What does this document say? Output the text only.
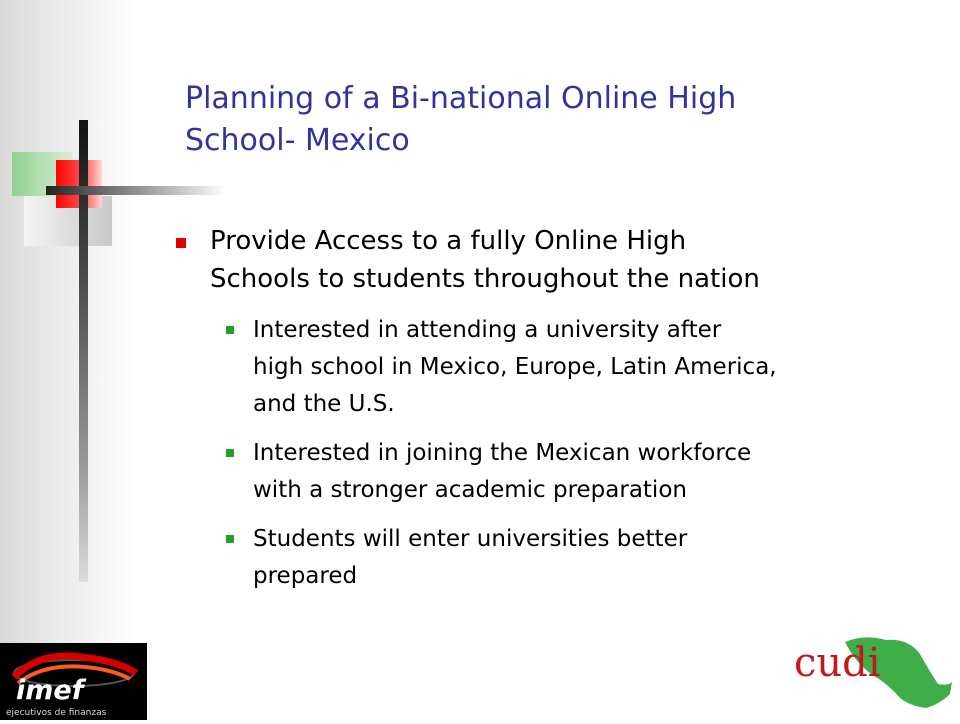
Planning of a Bi-national Online High
School- Mexico
Provide Access to a fully Online High
Schools to students throughout the nation
Interested in attending a university after
high school in Mexico, Europe, Latin America,
and the U.S.
Interested in joining the Mexican workforce
with a stronger academic preparation
Students will enter universities better
prepared
imef
ejecutivos de finanzas
cudi
